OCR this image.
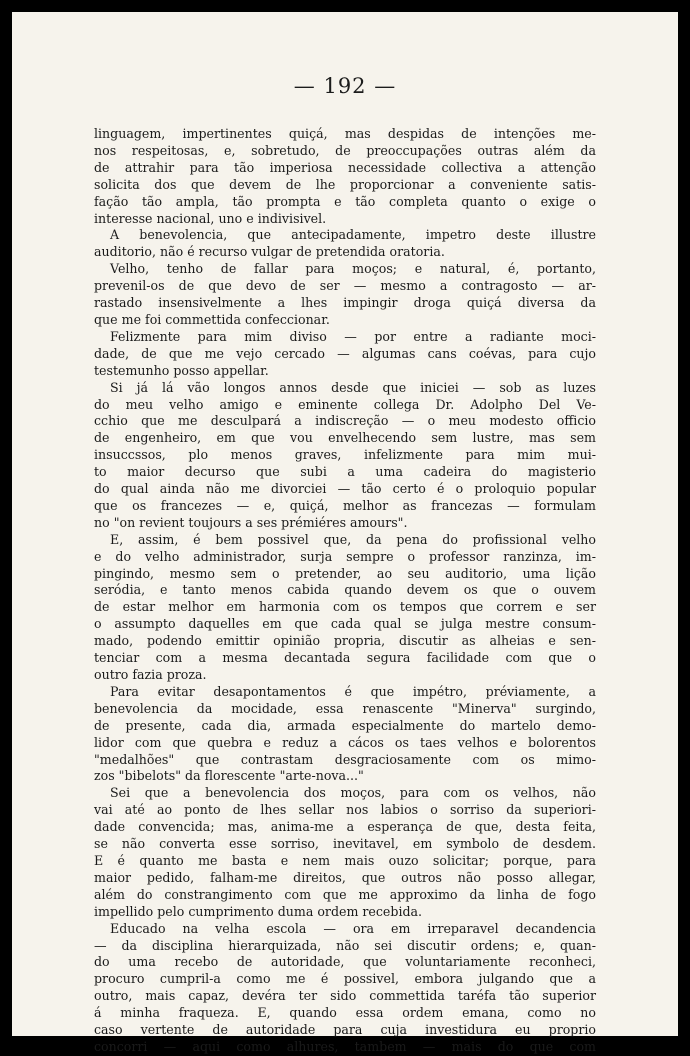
— 192 —
linguagem, impertinentes quiçá, mas despidas de intenções me-
nos respeitosas, e, sobretudo, de preoccupações outras além da
de attrahir para tão imperiosa necessidade collectiva a attenção
solicita dos que devem de lhe proporcionar a conveniente satis-
fação tão ampla, tão prompta e tão completa quanto o exige o
interesse nacional, uno e indivisivel.
A benevolencia, que antecipadamente, impetro deste illustre
auditorio, não é recurso vulgar de pretendida oratoria.
Velho, tenho de fallar para moços; e natural, é, portanto,
prevenil-os de que devo de ser — mesmo a contragosto — ar-
rastado insensivelmente a lhes impingir droga quiçá diversa da
que me foi commettida confeccionar.
Felizmente para mim diviso — por entre a radiante moci-
dade, de que me vejo cercado — algumas cans coévas, para cujo
testemunho posso appellar.
Si já lá vão longos annos desde que iniciei — sob as luzes
do meu velho amigo e eminente collega Dr. Adolpho Del Ve-
cchio que me desculpará a indiscreção — o meu modesto officio
de engenheiro, em que vou envelhecendo sem lustre, mas sem
insuccssos, plo menos graves, infelizmente para mim mui-
to maior decurso que subi a uma cadeira do magisterio
do qual ainda não me divorciei — tão certo é o proloquio popular
que os francezes — e, quiçá, melhor as francezas — formulam
no "on revient toujours a ses prémiéres amours".
E, assim, é bem possivel que, da pena do profissional velho
e do velho administrador, surja sempre o professor ranzinza, im-
pingindo, mesmo sem o pretender, ao seu auditorio, uma lição
seródia, e tanto menos cabida quando devem os que o ouvem
de estar melhor em harmonia com os tempos que correm e ser
o assumpto daquelles em que cada qual se julga mestre consum-
mado, podendo emittir opinião propria, discutir as alheias e sen-
tenciar com a mesma decantada segura facilidade com que o
outro fazia proza.
Para evitar desapontamentos é que impétro, préviamente, a
benevolencia da mocidade, essa renascente "Minerva" surgindo,
de presente, cada dia, armada especialmente do martelo demo-
lidor com que quebra e reduz a cácos os taes velhos e bolorentos
"medalhões" que contrastam desgraciosamente com os mimo-
zos "bibelots" da florescente "arte-nova..."
Sei que a benevolencia dos moços, para com os velhos, não
vai até ao ponto de lhes sellar nos labios o sorriso da superiori-
dade convencida; mas, anima-me a esperança de que, desta feita,
se não converta esse sorriso, inevitavel, em symbolo de desdem.
E é quanto me basta e nem mais ouzo solicitar; porque, para
maior pedido, falham-me direitos, que outros não posso allegar,
além do constrangimento com que me approximo da linha de fogo
impellido pelo cumprimento duma ordem recebida.
Educado na velha escola — ora em irreparavel decandencia
— da disciplina hierarquizada, não sei discutir ordens; e, quan-
do uma recebo de autoridade, que voluntariamente reconheci,
procuro cumpril-a como me é possivel, embora julgando que a
outro, mais capaz, devéra ter sido commettida taréfa tão superior
á minha fraqueza. E, quando essa ordem emana, como no
caso vertente de autoridade para cuja investidura eu proprio
concorri — aqui como alhures, tambem — mais do que com
